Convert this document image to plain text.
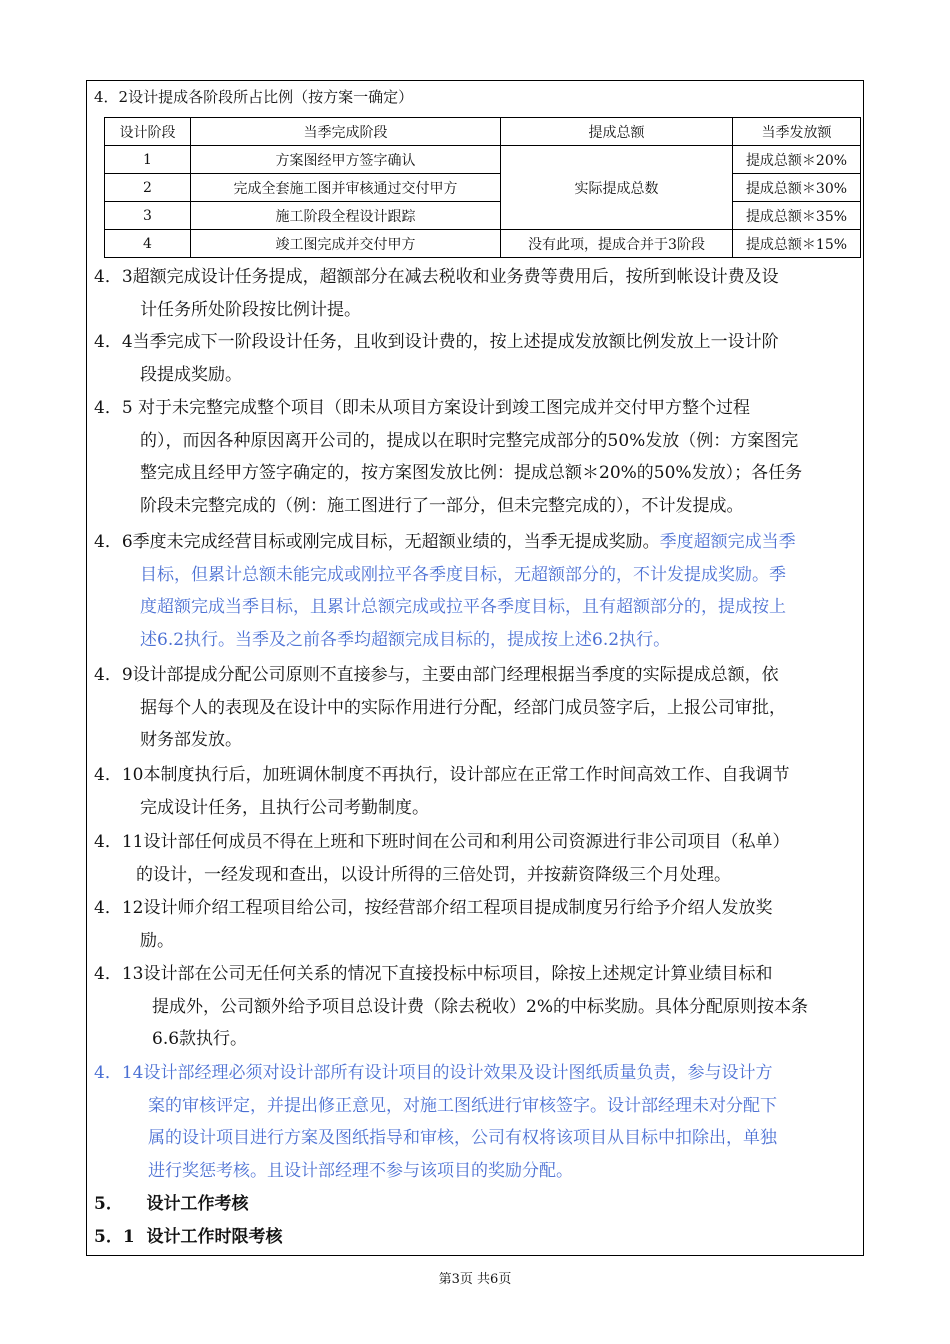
4．2设计提成各阶段所占比例（按方案一确定）
设计阶段	当季完成阶段	提成总额	当季发放额
1	方案图经甲方签字确认	实际提成总数	提成总额＊20%
2	完成全套施工图并审核通过交付甲方		提成总额＊30%
3	施工阶段全程设计跟踪		提成总额＊35%
4	竣工图完成并交付甲方	没有此项，提成合并于3阶段	提成总额＊15%
4．3超额完成设计任务提成，超额部分在减去税收和业务费等费用后，按所到帐设计费及设
计任务所处阶段按比例计提。
4．4当季完成下一阶段设计任务，且收到设计费的，按上述提成发放额比例发放上一设计阶
段提成奖励。
4．5 对于未完整完成整个项目（即未从项目方案设计到竣工图完成并交付甲方整个过程
的），而因各种原因离开公司的，提成以在职时完整完成部分的50%发放（例：方案图完
整完成且经甲方签字确定的，按方案图发放比例：提成总额＊20%的50%发放）；各任务
阶段未完整完成的（例：施工图进行了一部分，但未完整完成的），不计发提成。
4．6季度未完成经营目标或刚完成目标，无超额业绩的，当季无提成奖励。季度超额完成当季
目标，但累计总额未能完成或刚拉平各季度目标，无超额部分的，不计发提成奖励。季
度超额完成当季目标，且累计总额完成或拉平各季度目标，且有超额部分的，提成按上
述6.2执行。当季及之前各季均超额完成目标的，提成按上述6.2执行。
4．9设计部提成分配公司原则不直接参与，主要由部门经理根据当季度的实际提成总额，依
据每个人的表现及在设计中的实际作用进行分配，经部门成员签字后，上报公司审批，
财务部发放。
4．10本制度执行后，加班调休制度不再执行，设计部应在正常工作时间高效工作、自我调节
完成设计任务，且执行公司考勤制度。
4．11设计部任何成员不得在上班和下班时间在公司和利用公司资源进行非公司项目（私单）
的设计，一经发现和查出，以设计所得的三倍处罚，并按薪资降级三个月处理。
4．12设计师介绍工程项目给公司，按经营部介绍工程项目提成制度另行给予介绍人发放奖
励。
4．13设计部在公司无任何关系的情况下直接投标中标项目，除按上述规定计算业绩目标和
提成外，公司额外给予项目总设计费（除去税收）2%的中标奖励。具体分配原则按本条
6.6款执行。
4．14设计部经理必须对设计部所有设计项目的设计效果及设计图纸质量负责，参与设计方
案的审核评定，并提出修正意见，对施工图纸进行审核签字。设计部经理未对分配下
属的设计项目进行方案及图纸指导和审核，公司有权将该项目从目标中扣除出，单独
进行奖惩考核。且设计部经理不参与该项目的奖励分配。
5．    设计工作考核
5．1  设计工作时限考核
第3页 共6页
